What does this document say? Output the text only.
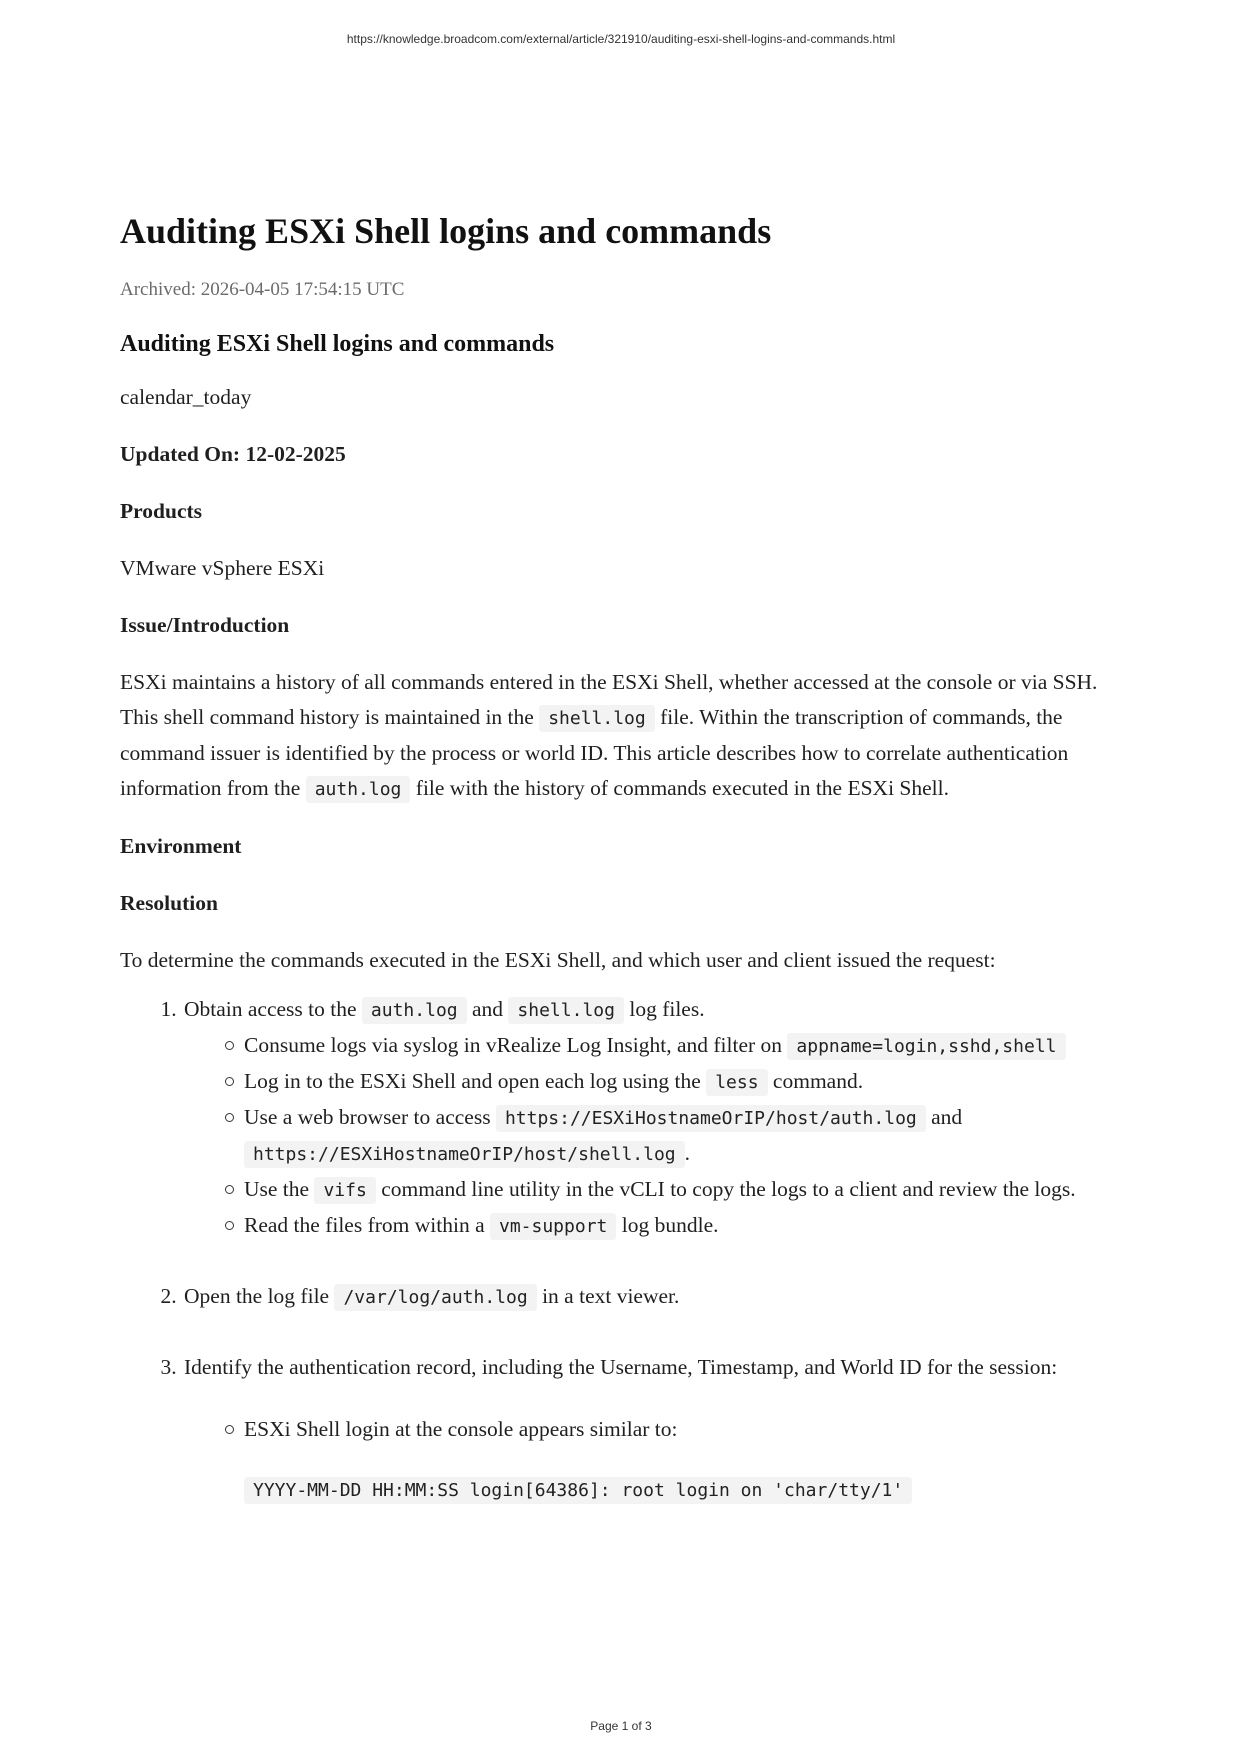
https://knowledge.broadcom.com/external/article/321910/auditing-esxi-shell-logins-and-commands.html
Auditing ESXi Shell logins and commands
Archived: 2026-04-05 17:54:15 UTC
Auditing ESXi Shell logins and commands

calendar_today

Updated On: 12-02-2025

Products

VMware vSphere ESXi

Issue/Introduction

ESXi maintains a history of all commands entered in the ESXi Shell, whether accessed at the console or via SSH. This shell command history is maintained in the shell.log file. Within the transcription of commands, the command issuer is identified by the process or world ID. This article describes how to correlate authentication information from the auth.log file with the history of commands executed in the ESXi Shell.

Environment

Resolution

To determine the commands executed in the ESXi Shell, and which user and client issued the request:

1. Obtain access to the auth.log and shell.log log files.
Consume logs via syslog in vRealize Log Insight, and filter on appname=login,sshd,shell
Log in to the ESXi Shell and open each log using the less command.
Use a web browser to access https://ESXiHostnameOrIP/host/auth.log and https://ESXiHostnameOrIP/host/shell.log .
Use the vifs command line utility in the vCLI to copy the logs to a client and review the logs.
Read the files from within a vm-support log bundle.
2. Open the log file /var/log/auth.log in a text viewer.
3. Identify the authentication record, including the Username, Timestamp, and World ID for the session:
ESXi Shell login at the console appears similar to:
YYYY-MM-DD HH:MM:SS login[64386]: root login on 'char/tty/1'
Page 1 of 3
